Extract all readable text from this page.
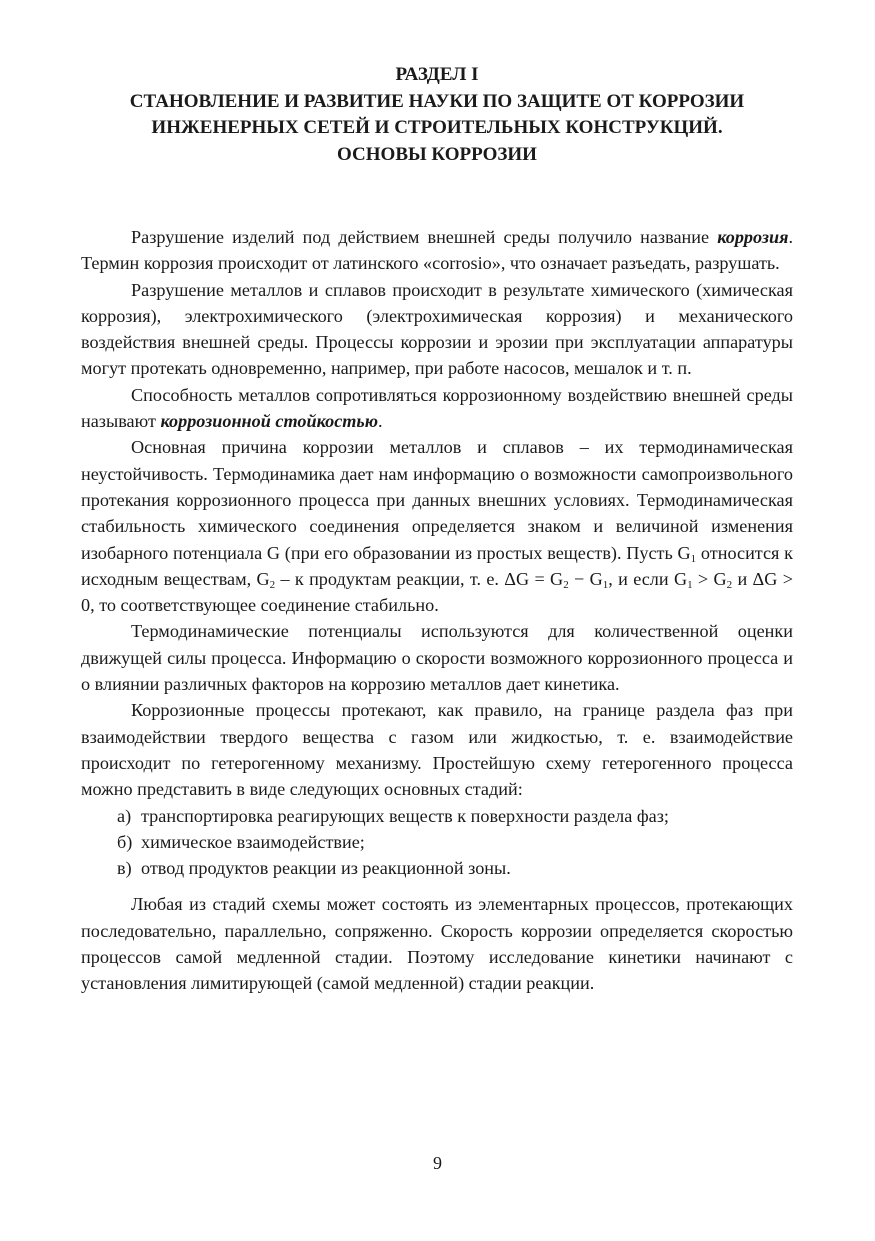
РАЗДЕЛ I
СТАНОВЛЕНИЕ И РАЗВИТИЕ НАУКИ ПО ЗАЩИТЕ ОТ КОРРОЗИИ
ИНЖЕНЕРНЫХ СЕТЕЙ И СТРОИТЕЛЬНЫХ КОНСТРУКЦИЙ.
ОСНОВЫ КОРРОЗИИ

Разрушение изделий под действием внешней среды получило название коррозия. Термин коррозия происходит от латинского «corrosio», что означает разъедать, разрушать.

Разрушение металлов и сплавов происходит в результате химического (химическая коррозия), электрохимического (электрохимическая коррозия) и механического воздействия внешней среды. Процессы коррозии и эрозии при эксплуатации аппаратуры могут протекать одновременно, например, при работе насосов, мешалок и т. п.

Способность металлов сопротивляться коррозионному воздействию внешней среды называют коррозионной стойкостью.

Основная причина коррозии металлов и сплавов – их термодинамическая неустойчивость. Термодинамика дает нам информацию о возможности самопроизвольного протекания коррозионного процесса при данных внешних условиях. Термодинамическая стабильность химического соединения определяется знаком и величиной изменения изобарного потенциала G (при его образовании из простых веществ). Пусть $G_1$ относится к исходным веществам, $G_2$ – к продуктам реакции, т. е. $\Delta G = G_2 - G_1$, и если $G_1 > G_2$ и ΔG > 0, то соответствующее соединение стабильно.

Термодинамические потенциалы используются для количественной оценки движущей силы процесса. Информацию о скорости возможного коррозионного процесса и о влиянии различных факторов на коррозию металлов дает кинетика.

Коррозионные процессы протекают, как правило, на границе раздела фаз при взаимодействии твердого вещества с газом или жидкостью, т. е. взаимодействие происходит по гетерогенному механизму. Простейшую схему гетерогенного процесса можно представить в виде следующих основных стадий:

а) транспортировка реагирующих веществ к поверхности раздела фаз;
б) химическое взаимодействие;
в) отвод продуктов реакции из реакционной зоны.

Любая из стадий схемы может состоять из элементарных процессов, протекающих последовательно, параллельно, сопряженно. Скорость коррозии определяется скоростью процессов самой медленной стадии. Поэтому исследование кинетики начинают с установления лимитирующей (самой медленной) стадии реакции.

9
